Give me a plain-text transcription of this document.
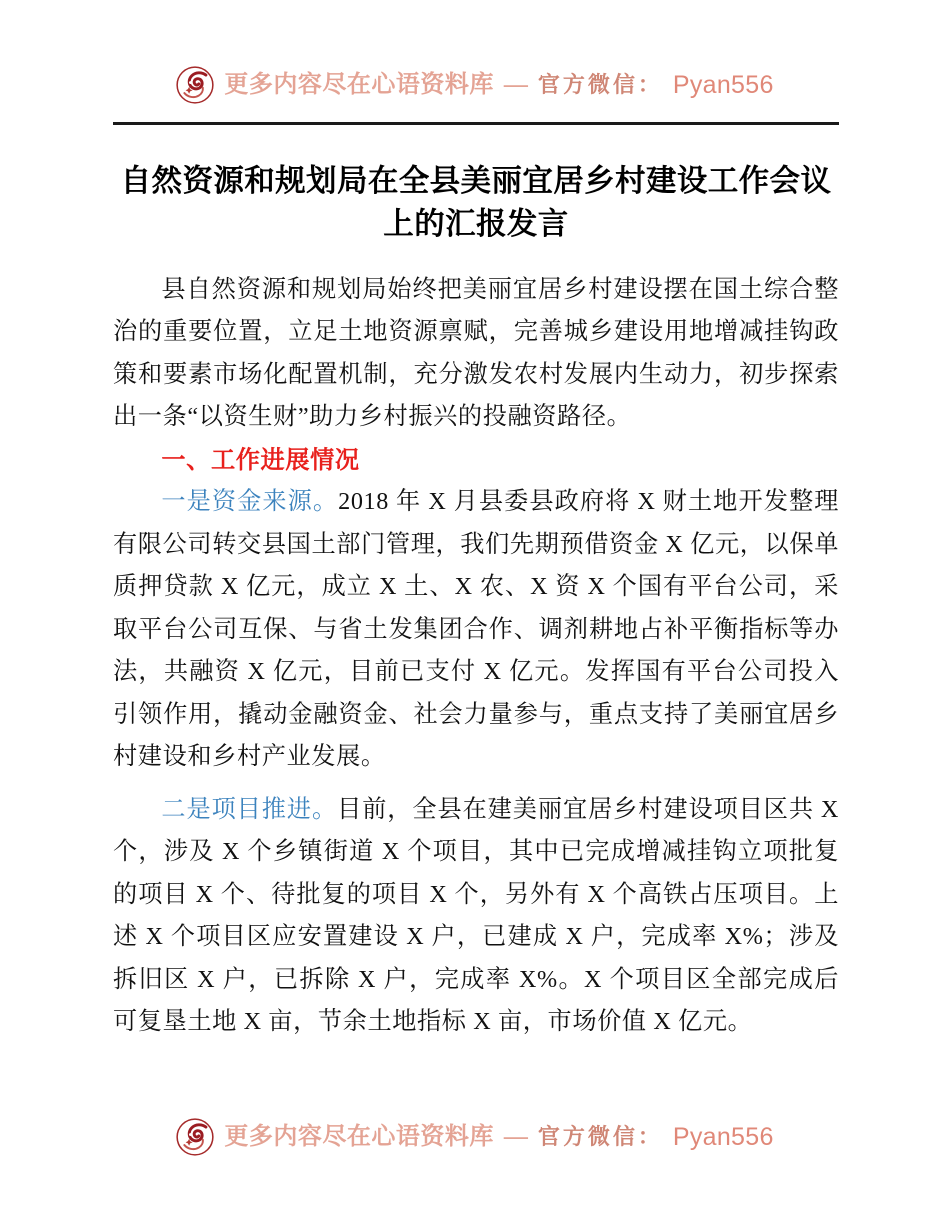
更多内容尽在心语资料库 — 官方微信： Pyan556
自然资源和规划局在全县美丽宜居乡村建设工作会议上的汇报发言

县自然资源和规划局始终把美丽宜居乡村建设摆在国土综合整治的重要位置，立足土地资源禀赋，完善城乡建设用地增减挂钩政策和要素市场化配置机制，充分激发农村发展内生动力，初步探索出一条“以资生财”助力乡村振兴的投融资路径。

一、工作进展情况

一是资金来源。2018 年 X 月县委县政府将 X 财土地开发整理有限公司转交县国土部门管理，我们先期预借资金 X 亿元，以保单质押贷款 X 亿元，成立 X 土、X 农、X 资 X 个国有平台公司，采取平台公司互保、与省土发集团合作、调剂耕地占补平衡指标等办法，共融资 X 亿元，目前已支付 X 亿元。发挥国有平台公司投入引领作用，撬动金融资金、社会力量参与，重点支持了美丽宜居乡村建设和乡村产业发展。

二是项目推进。目前，全县在建美丽宜居乡村建设项目区共 X 个，涉及 X 个乡镇街道 X 个项目，其中已完成增减挂钩立项批复的项目 X 个、待批复的项目 X 个，另外有 X 个高铁占压项目。上述 X 个项目区应安置建设 X 户，已建成 X 户，完成率 X%；涉及拆旧区 X 户，已拆除 X 户，完成率 X%。X 个项目区全部完成后可复垦土地 X 亩，节余土地指标 X 亩，市场价值 X 亿元。

更多内容尽在心语资料库 — 官方微信： Pyan556
